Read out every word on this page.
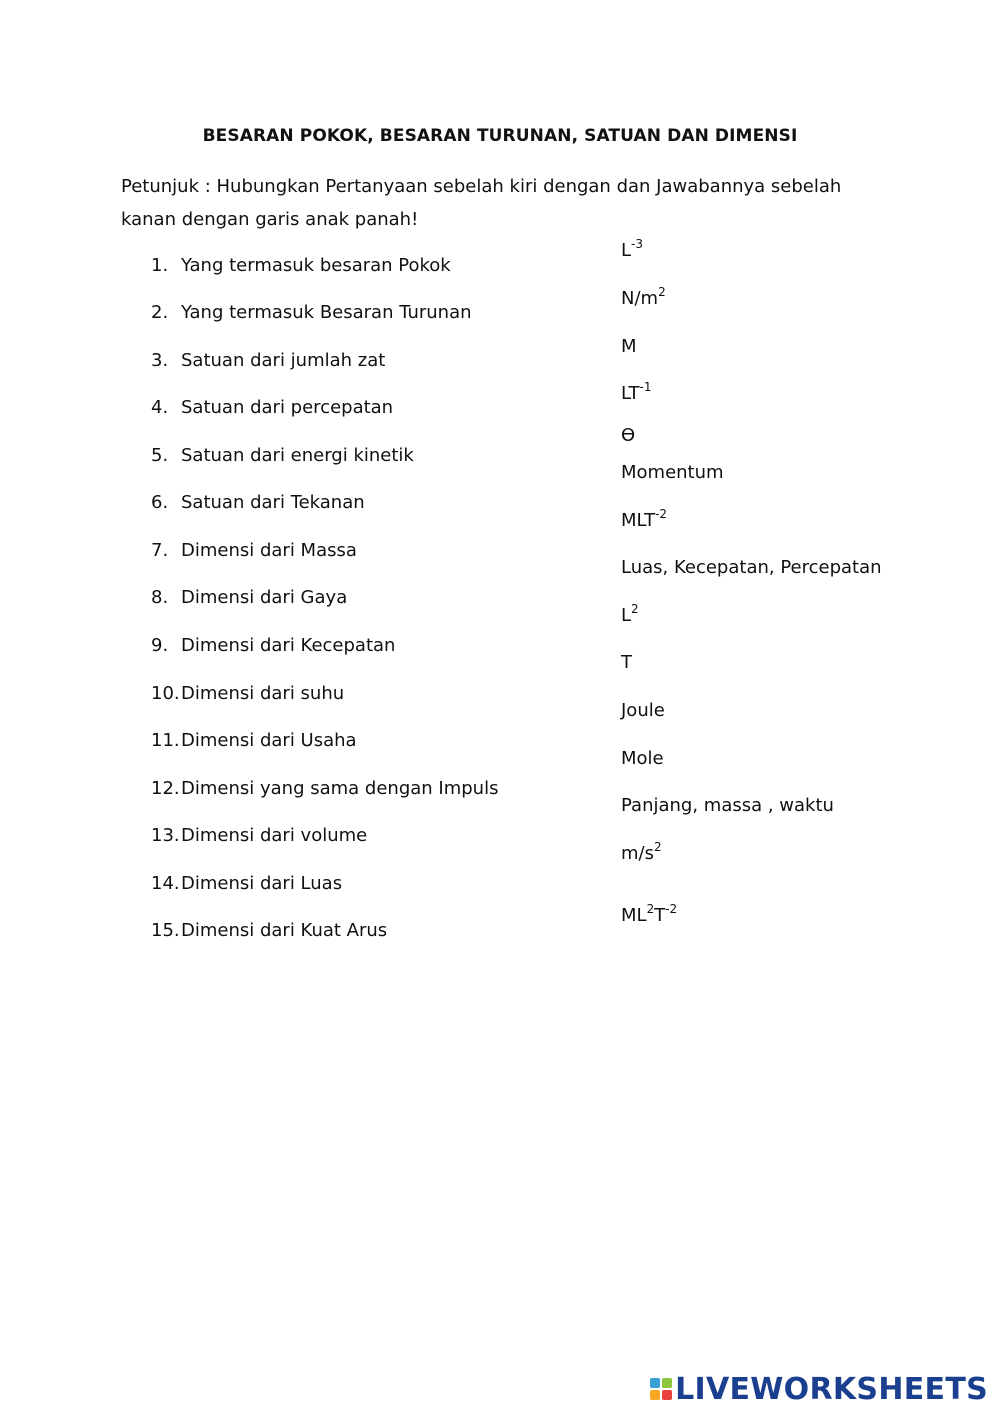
BESARAN POKOK, BESARAN TURUNAN, SATUAN DAN DIMENSI
Petunjuk : Hubungkan Pertanyaan sebelah kiri dengan dan Jawabannya sebelah kanan dengan garis anak panah!
1. Yang termasuk besaran Pokok
2. Yang termasuk Besaran Turunan
3. Satuan dari jumlah zat
4. Satuan dari percepatan
5. Satuan dari energi kinetik
6. Satuan dari Tekanan
7. Dimensi dari Massa
8. Dimensi dari Gaya
9. Dimensi dari Kecepatan
10.Dimensi dari suhu
11.Dimensi dari Usaha
12.Dimensi yang sama dengan Impuls
13.Dimensi dari volume
14.Dimensi dari Luas
15.Dimensi dari Kuat Arus
$L^{-3}$
$N/m^2$
M
$LT^{-1}$
ϴ
Momentum
$MLT^{-2}$
Luas, Kecepatan, Percepatan
$L^2$
T
Joule
Mole
Panjang, massa , waktu
$m/s^2$
$ML^2T^{-2}$
LIVEWORKSHEETS
